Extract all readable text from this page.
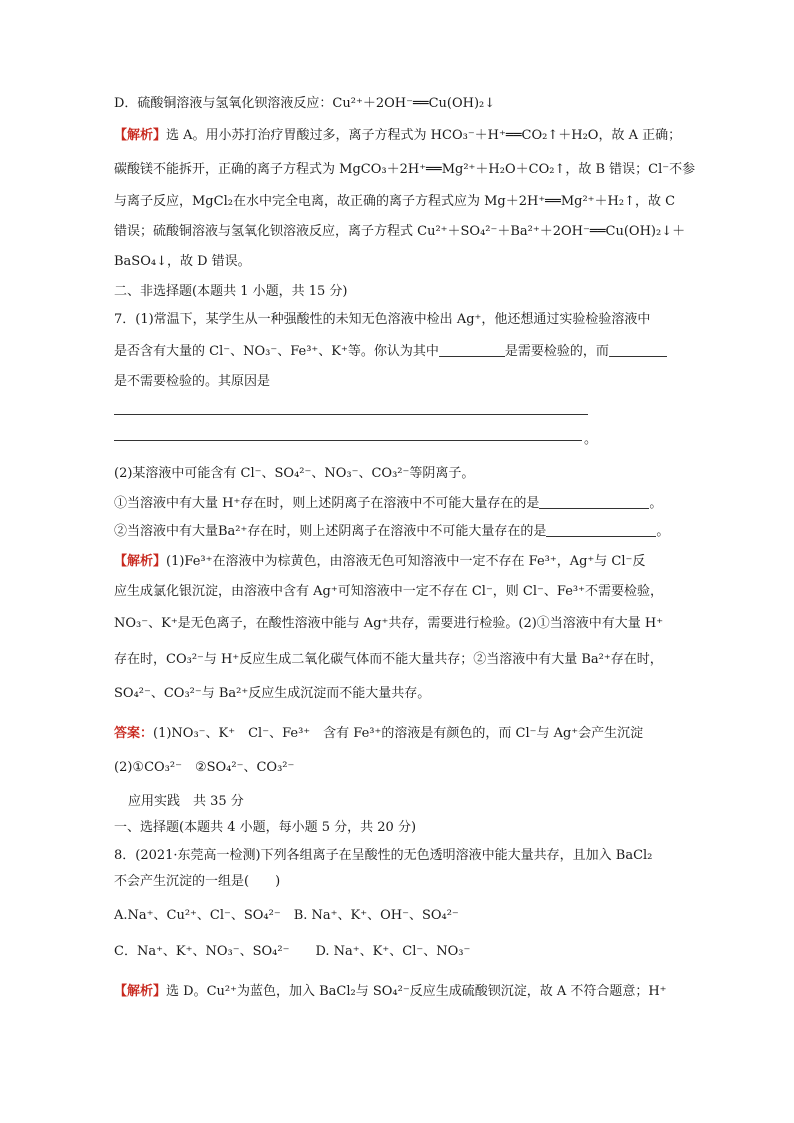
D．硫酸铜溶液与氢氧化钡溶液反应：Cu²⁺＋2OH⁻══Cu(OH)₂↓
【解析】选 A。用小苏打治疗胃酸过多，离子方程式为 HCO₃⁻＋H⁺══CO₂↑＋H₂O，故 A 正确；
碳酸镁不能拆开，正确的离子方程式为 MgCO₃＋2H⁺══Mg²⁺＋H₂O＋CO₂↑，故 B 错误；Cl⁻不参
与离子反应，MgCl₂在水中完全电离，故正确的离子方程式应为 Mg＋2H⁺══Mg²⁺＋H₂↑，故 C
错误；硫酸铜溶液与氢氧化钡溶液反应，离子方程式 Cu²⁺＋SO₄²⁻＋Ba²⁺＋2OH⁻══Cu(OH)₂↓＋
BaSO₄↓，故 D 错误。
二、非选择题(本题共 1 小题，共 15 分)
7．(1)常温下，某学生从一种强酸性的未知无色溶液中检出 Ag⁺，他还想通过实验检验溶液中
是否含有大量的 Cl⁻、NO₃⁻、Fe³⁺、K⁺等。你认为其中	是需要检验的，而
是不需要检验的。其原因是
。
(2)某溶液中可能含有 Cl⁻、SO₄²⁻、NO₃⁻、CO₃²⁻等阴离子。
①当溶液中有大量 H⁺存在时，则上述阴离子在溶液中不可能大量存在的是	。
②当溶液中有大量Ba²⁺存在时，则上述阴离子在溶液中不可能大量存在的是	。
【解析】(1)Fe³⁺在溶液中为棕黄色，由溶液无色可知溶液中一定不存在 Fe³⁺，Ag⁺与 Cl⁻反
应生成氯化银沉淀，由溶液中含有 Ag⁺可知溶液中一定不存在 Cl⁻，则 Cl⁻、Fe³⁺不需要检验，
NO₃⁻、K⁺是无色离子，在酸性溶液中能与 Ag⁺共存，需要进行检验。(2)①当溶液中有大量 H⁺
存在时，CO₃²⁻与 H⁺反应生成二氧化碳气体而不能大量共存；②当溶液中有大量 Ba²⁺存在时，
SO₄²⁻、CO₃²⁻与 Ba²⁺反应生成沉淀而不能大量共存。
答案：(1)NO₃⁻、K⁺　Cl⁻、Fe³⁺　含有 Fe³⁺的溶液是有颜色的，而 Cl⁻与 Ag⁺会产生沉淀
(2)①CO₃²⁻　②SO₄²⁻、CO₃²⁻
应用实践　共 35 分
一、选择题(本题共 4 小题，每小题 5 分，共 20 分)
8．(2021·东莞高一检测)下列各组离子在呈酸性的无色透明溶液中能大量共存，且加入 BaCl₂
不会产生沉淀的一组是(　　)
A.Na⁺、Cu²⁺、Cl⁻、SO₄²⁻　B. Na⁺、K⁺、OH⁻、SO₄²⁻
C．Na⁺、K⁺、NO₃⁻、SO₄²⁻　　D. Na⁺、K⁺、Cl⁻、NO₃⁻
【解析】选 D。Cu²⁺为蓝色，加入 BaCl₂与 SO₄²⁻反应生成硫酸钡沉淀，故 A 不符合题意；H⁺
